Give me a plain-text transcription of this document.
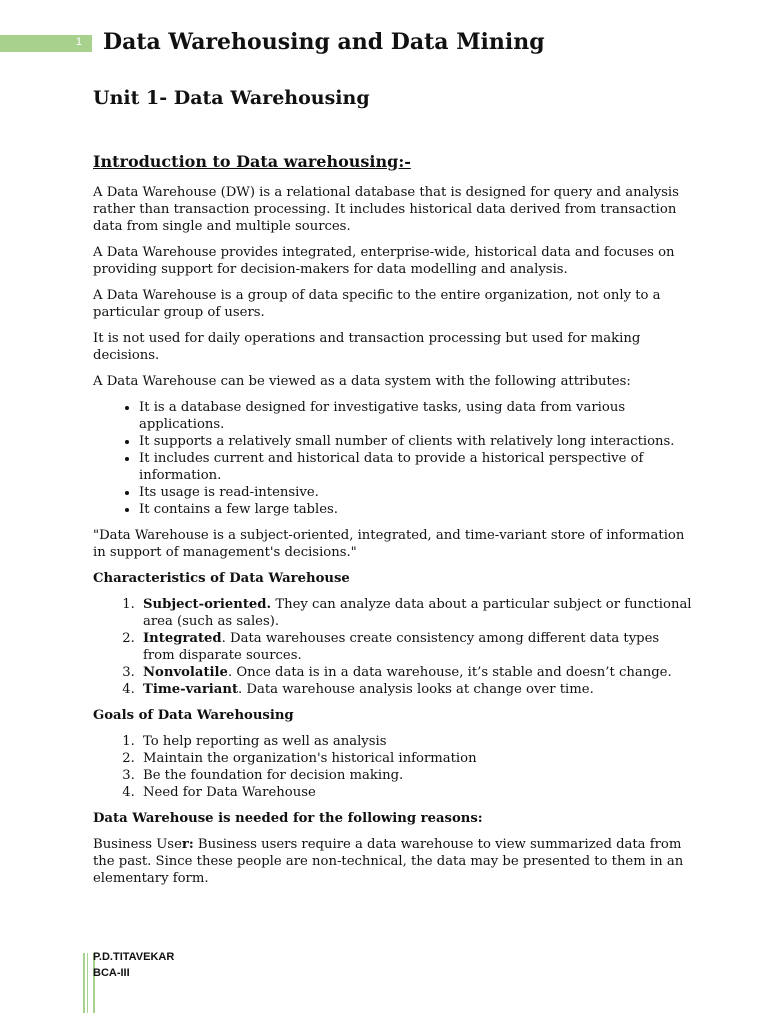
1 Data Warehousing and Data Mining
Unit 1- Data Warehousing
Introduction to Data warehousing:-

A Data Warehouse (DW) is a relational database that is designed for query and analysis rather than transaction processing. It includes historical data derived from transaction data from single and multiple sources.

A Data Warehouse provides integrated, enterprise-wide, historical data and focuses on providing support for decision-makers for data modelling and analysis.

A Data Warehouse is a group of data specific to the entire organization, not only to a particular group of users.

It is not used for daily operations and transaction processing but used for making decisions.

A Data Warehouse can be viewed as a data system with the following attributes:

• It is a database designed for investigative tasks, using data from various applications.
• It supports a relatively small number of clients with relatively long interactions.
• It includes current and historical data to provide a historical perspective of information.
• Its usage is read-intensive.
• It contains a few large tables.

"Data Warehouse is a subject-oriented, integrated, and time-variant store of information in support of management's decisions."

Characteristics of Data Warehouse

1. Subject-oriented. They can analyze data about a particular subject or functional area (such as sales).
2. Integrated. Data warehouses create consistency among different data types from disparate sources.
3. Nonvolatile. Once data is in a data warehouse, it’s stable and doesn’t change.
4. Time-variant. Data warehouse analysis looks at change over time.

Goals of Data Warehousing

1. To help reporting as well as analysis
2. Maintain the organization's historical information
3. Be the foundation for decision making.
4. Need for Data Warehouse

Data Warehouse is needed for the following reasons:

Business User: Business users require a data warehouse to view summarized data from the past. Since these people are non-technical, the data may be presented to them in an elementary form.

P.D.TITAVEKAR
BCA-III
